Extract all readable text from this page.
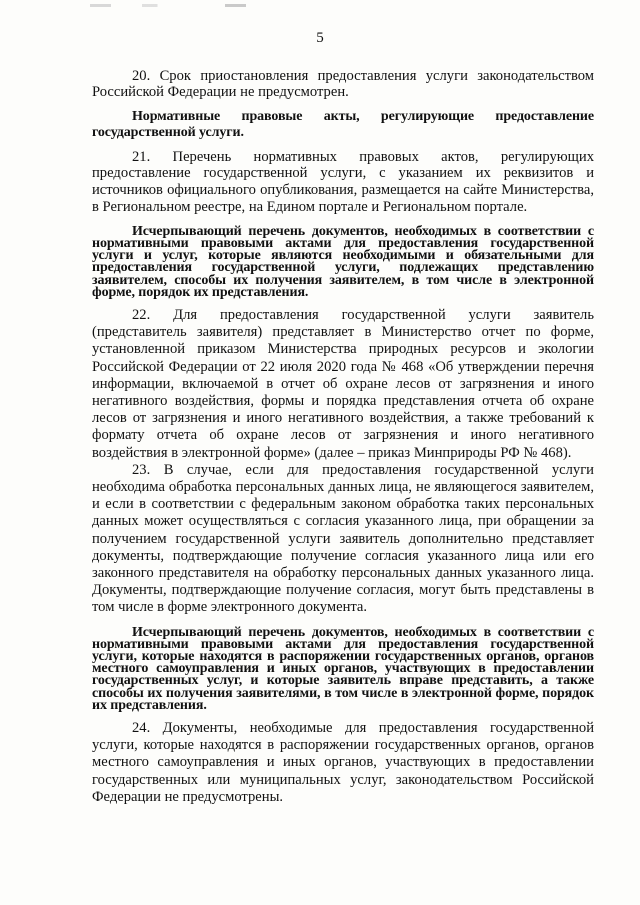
5

20. Срок приостановления предоставления услуги законодательством Российской Федерации не предусмотрен.

Нормативные правовые акты, регулирующие предоставление государственной услуги.

21. Перечень нормативных правовых актов, регулирующих предоставление государственной услуги, с указанием их реквизитов и источников официального опубликования, размещается на сайте Министерства, в Региональном реестре, на Едином портале и Региональном портале.

Исчерпывающий перечень документов, необходимых в соответствии с нормативными правовыми актами для предоставления государственной услуги и услуг, которые являются необходимыми и обязательными для предоставления государственной услуги, подлежащих представлению заявителем, способы их получения заявителем, в том числе в электронной форме, порядок их представления.

22. Для предоставления государственной услуги заявитель (представитель заявителя) представляет в Министерство отчет по форме, установленной приказом Министерства природных ресурсов и экологии Российской Федерации от 22 июля 2020 года № 468 «Об утверждении перечня информации, включаемой в отчет об охране лесов от загрязнения и иного негативного воздействия, формы и порядка представления отчета об охране лесов от загрязнения и иного негативного воздействия, а также требований к формату отчета об охране лесов от загрязнения и иного негативного воздействия в электронной форме» (далее – приказ Минприроды РФ № 468).

23. В случае, если для предоставления государственной услуги необходима обработка персональных данных лица, не являющегося заявителем, и если в соответствии с федеральным законом обработка таких персональных данных может осуществляться с согласия указанного лица, при обращении за получением государственной услуги заявитель дополнительно представляет документы, подтверждающие получение согласия указанного лица или его законного представителя на обработку персональных данных указанного лица. Документы, подтверждающие получение согласия, могут быть представлены в том числе в форме электронного документа.

Исчерпывающий перечень документов, необходимых в соответствии с нормативными правовыми актами для предоставления государственной услуги, которые находятся в распоряжении государственных органов, органов местного самоуправления и иных органов, участвующих в предоставлении государственных услуг, и которые заявитель вправе представить, а также способы их получения заявителями, в том числе в электронной форме, порядок их представления.

24. Документы, необходимые для предоставления государственной услуги, которые находятся в распоряжении государственных органов, органов местного самоуправления и иных органов, участвующих в предоставлении государственных или муниципальных услуг, законодательством Российской Федерации не предусмотрены.
